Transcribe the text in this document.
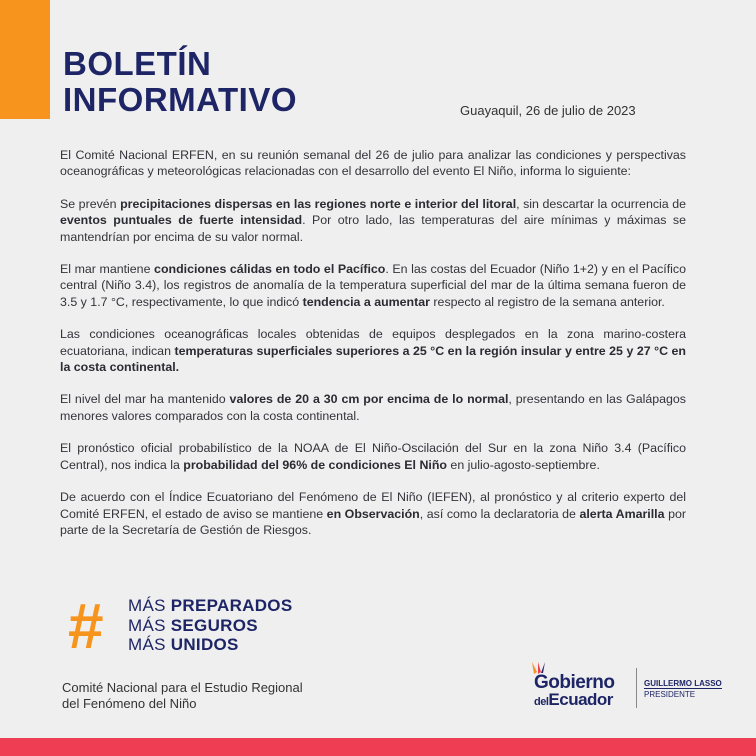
BOLETÍN
INFORMATIVO	Guayaquil, 26 de julio de 2023

El Comité Nacional ERFEN, en su reunión semanal del 26 de julio para analizar las condiciones y perspectivas oceanográficas y meteorológicas relacionadas con el desarrollo del evento El Niño, informa lo siguiente:

Se prevén precipitaciones dispersas en las regiones norte e interior del litoral, sin descartar la ocurrencia de eventos puntuales de fuerte intensidad. Por otro lado, las temperaturas del aire mínimas y máximas se mantendrían por encima de su valor normal.

El mar mantiene condiciones cálidas en todo el Pacífico. En las costas del Ecuador (Niño 1+2) y en el Pacífico central (Niño 3.4), los registros de anomalía de la temperatura superficial del mar de la última semana fueron de 3.5 y 1.7 °C, respectivamente, lo que indicó tendencia a aumentar respecto al registro de la semana anterior.

Las condiciones oceanográficas locales obtenidas de equipos desplegados en la zona marino-costera ecuatoriana, indican temperaturas superficiales superiores a 25 °C en la región insular y entre 25 y 27 °C en la costa continental.

El nivel del mar ha mantenido valores de 20 a 30 cm por encima de lo normal, presentando en las Galápagos menores valores comparados con la costa continental.

El pronóstico oficial probabilístico de la NOAA de El Niño-Oscilación del Sur en la zona Niño 3.4 (Pacífico Central), nos indica la probabilidad del 96% de condiciones El Niño en julio-agosto-septiembre.

De acuerdo con el Índice Ecuatoriano del Fenómeno de El Niño (IEFEN), al pronóstico y al criterio experto del Comité ERFEN, el estado de aviso se mantiene en Observación, así como la declaratoria de alerta Amarilla por parte de la Secretaría de Gestión de Riesgos.

# MÁS PREPARADOS
MÁS SEGUROS
MÁS UNIDOS
Comité Nacional para el Estudio Regional
del Fenómeno del Niño
Gobierno
delEcuador
GUILLERMO LASSO
PRESIDENTE
